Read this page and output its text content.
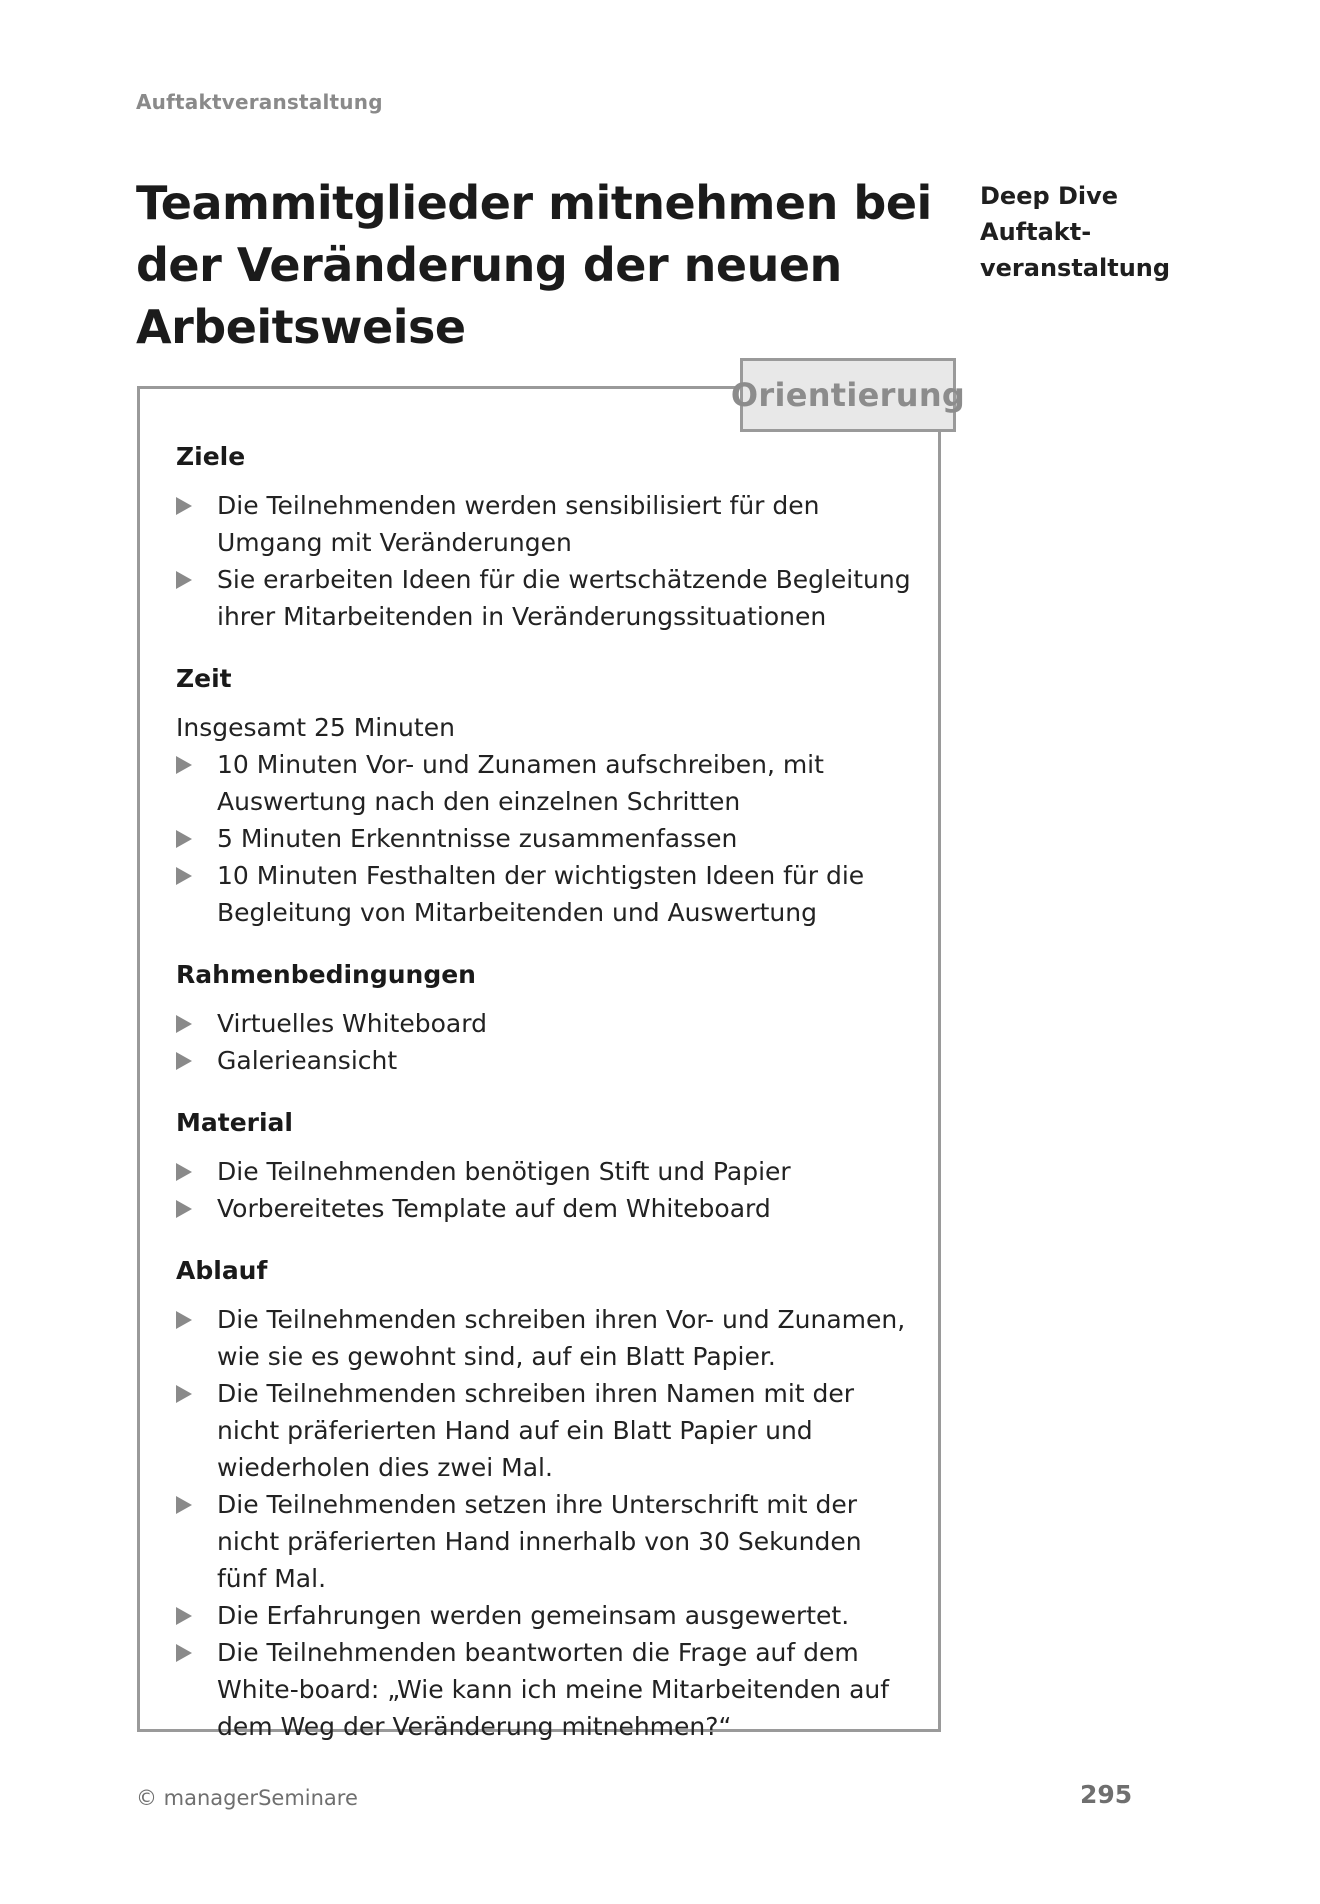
Auftaktveranstaltung
Teammitglieder mitnehmen bei der Veränderung der neuen Arbeitsweise
Deep Dive Auftakt-veranstaltung
Orientierung
Ziele
Die Teilnehmenden werden sensibilisiert für den Umgang mit Veränderungen
Sie erarbeiten Ideen für die wertschätzende Begleitung ihrer Mitarbeitenden in Veränderungssituationen
Zeit

Insgesamt 25 Minuten

10 Minuten Vor- und Zunamen aufschreiben, mit Auswertung nach den einzelnen Schritten
5 Minuten Erkenntnisse zusammenfassen
10 Minuten Festhalten der wichtigsten Ideen für die Begleitung von Mitarbeitenden und Auswertung
Rahmenbedingungen
Virtuelles Whiteboard
Galerieansicht
Material
Die Teilnehmenden benötigen Stift und Papier
Vorbereitetes Template auf dem Whiteboard
Ablauf
Die Teilnehmenden schreiben ihren Vor- und Zunamen, wie sie es gewohnt sind, auf ein Blatt Papier.
Die Teilnehmenden schreiben ihren Namen mit der nicht präferierten Hand auf ein Blatt Papier und wiederholen dies zwei Mal.
Die Teilnehmenden setzen ihre Unterschrift mit der nicht präferierten Hand innerhalb von 30 Sekunden fünf Mal.
Die Erfahrungen werden gemeinsam ausgewertet.
Die Teilnehmenden beantworten die Frage auf dem White-board: „Wie kann ich meine Mitarbeitenden auf dem Weg der Veränderung mitnehmen?“
© managerSeminare	295
